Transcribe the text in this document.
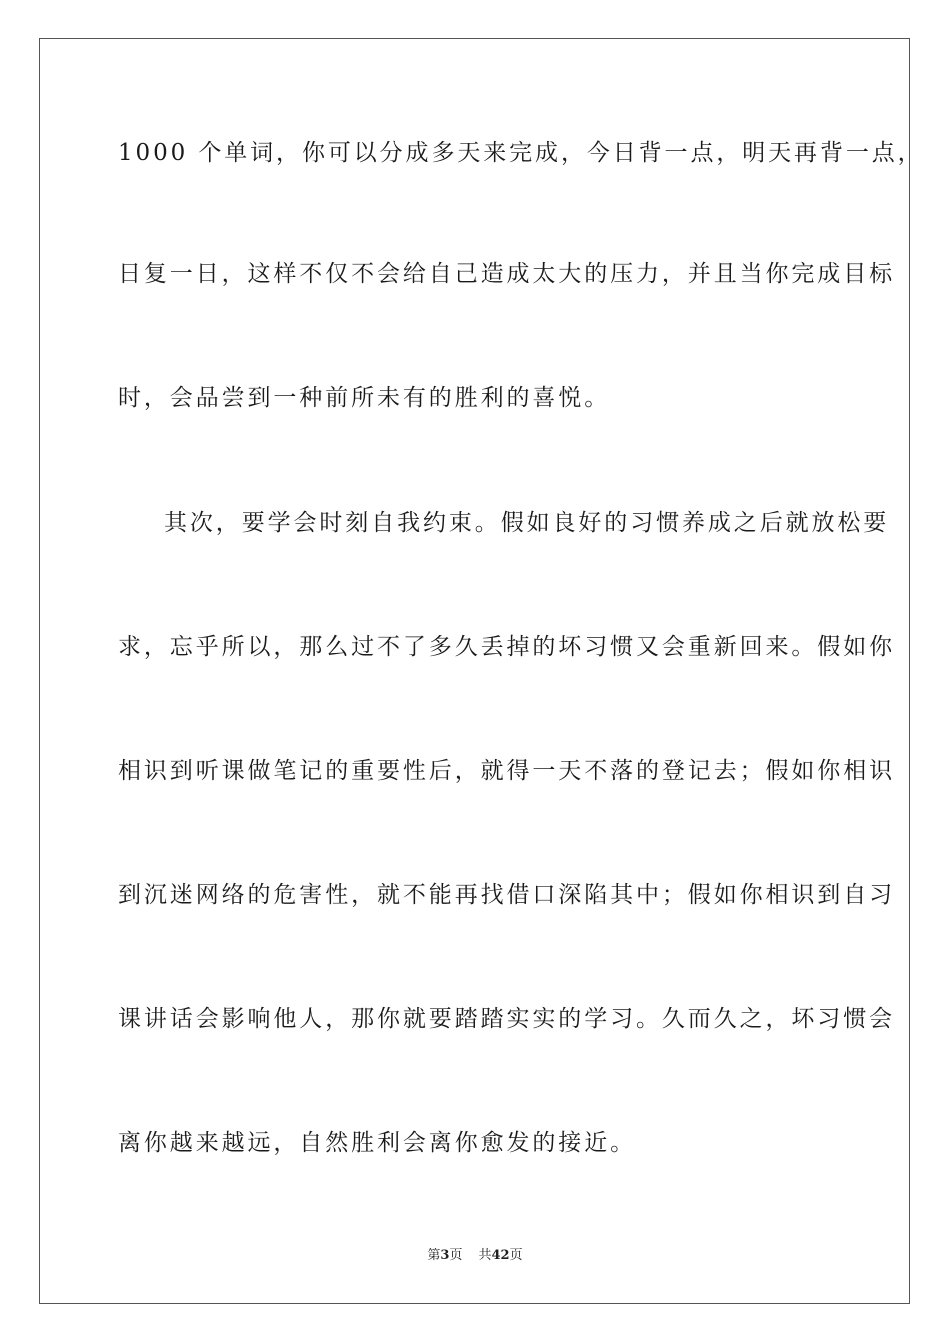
1000 个单词，你可以分成多天来完成，今日背一点，明天再背一点，
日复一日，这样不仅不会给自己造成太大的压力，并且当你完成目标
时，会品尝到一种前所未有的胜利的喜悦。
其次，要学会时刻自我约束。假如良好的习惯养成之后就放松要
求，忘乎所以，那么过不了多久丢掉的坏习惯又会重新回来。假如你
相识到听课做笔记的重要性后，就得一天不落的登记去；假如你相识
到沉迷网络的危害性，就不能再找借口深陷其中；假如你相识到自习
课讲话会影响他人，那你就要踏踏实实的学习。久而久之，坏习惯会
离你越来越远，自然胜利会离你愈发的接近。
第3页 共42页
